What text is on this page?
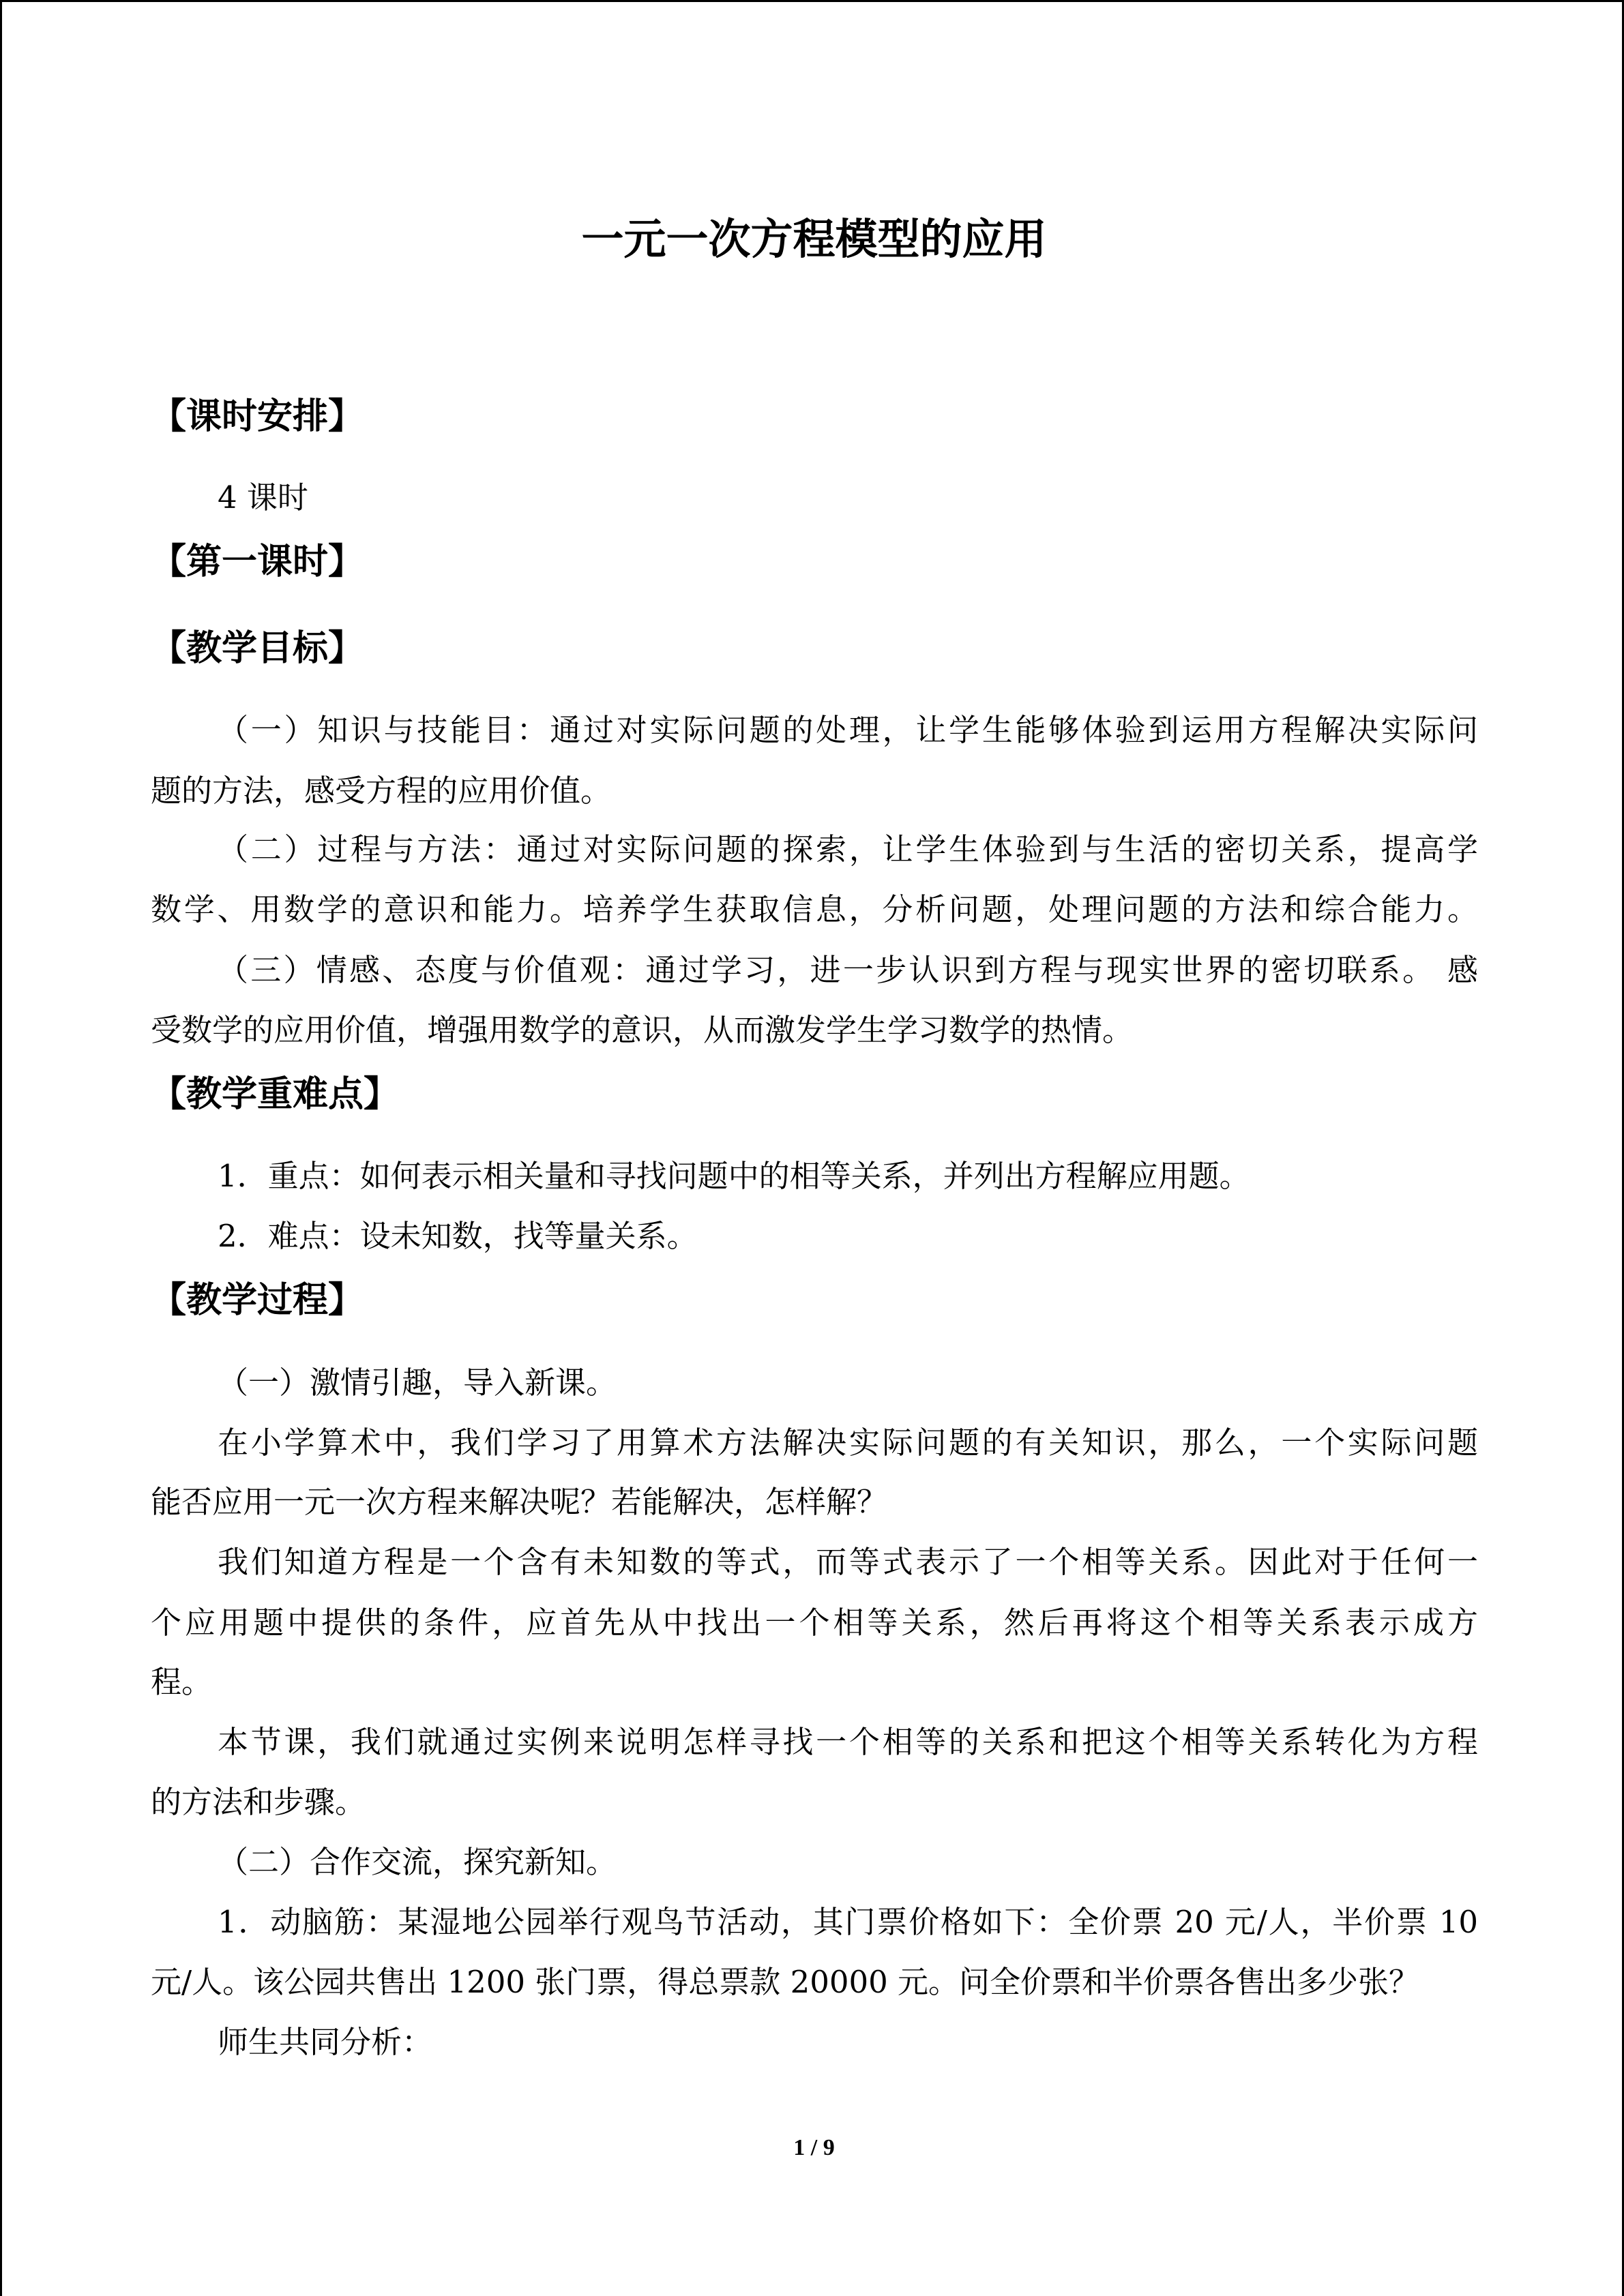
一元一次方程模型的应用
【课时安排】
4 课时
【第一课时】
【教学目标】
（一）知识与技能目：通过对实际问题的处理，让学生能够体验到运用方程解决实际问
题的方法，感受方程的应用价值。
（二）过程与方法：通过对实际问题的探索，让学生体验到与生活的密切关系，提高学
数学、用数学的意识和能力。培养学生获取信息，分析问题，处理问题的方法和综合能力。
（三）情感、态度与价值观：通过学习，进一步认识到方程与现实世界的密切联系。 感
受数学的应用价值，增强用数学的意识，从而激发学生学习数学的热情。
【教学重难点】
1．重点：如何表示相关量和寻找问题中的相等关系，并列出方程解应用题。
2．难点：设未知数，找等量关系。
【教学过程】
（一）激情引趣，导入新课。
在小学算术中，我们学习了用算术方法解决实际问题的有关知识，那么，一个实际问题
能否应用一元一次方程来解决呢？若能解决，怎样解？
我们知道方程是一个含有未知数的等式，而等式表示了一个相等关系。因此对于任何一
个应用题中提供的条件，应首先从中找出一个相等关系，然后再将这个相等关系表示成方
程。
本节课，我们就通过实例来说明怎样寻找一个相等的关系和把这个相等关系转化为方程
的方法和步骤。
（二）合作交流，探究新知。
1．动脑筋：某湿地公园举行观鸟节活动，其门票价格如下：全价票 20 元/人，半价票 10
元/人。该公园共售出 1200 张门票，得总票款 20000 元。问全价票和半价票各售出多少张？
师生共同分析：
1 / 9
